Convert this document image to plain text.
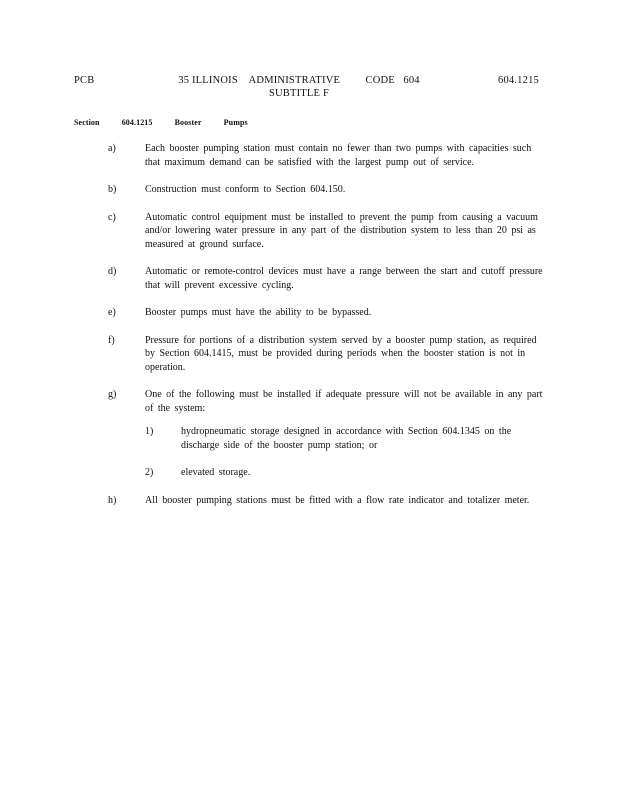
PCB	35 ILLINOIS    ADMINISTRATIVE         CODE   604
SUBTITLE F
604.1215
Section	604.1215	Booster	Pumps
a)	Each booster pumping station must contain no fewer than two pumps with capacities such that maximum demand can be satisfied with the largest pump out of service.
b)	Construction must conform to Section 604.150.
c)	Automatic control equipment must be installed to prevent the pump from causing a vacuum and/or lowering water pressure in any part of the distribution system to less than 20 psi as measured at ground surface.
d)	Automatic or remote-control devices must have a range between the start and cutoff pressure that will prevent excessive cycling.
e)	Booster pumps must have the ability to be bypassed.
f)	Pressure for portions of a distribution system served by a booster pump station, as required by Section 604.1415, must be provided during periods when the booster station is not in operation.
g)	One of the following must be installed if adequate pressure will not be available in any part of the system:
1)	hydropneumatic storage designed in accordance with Section 604.1345 on the discharge side of the booster pump station; or
2)	elevated storage.
h)	All booster pumping stations must be fitted with a flow rate indicator and totalizer meter.
